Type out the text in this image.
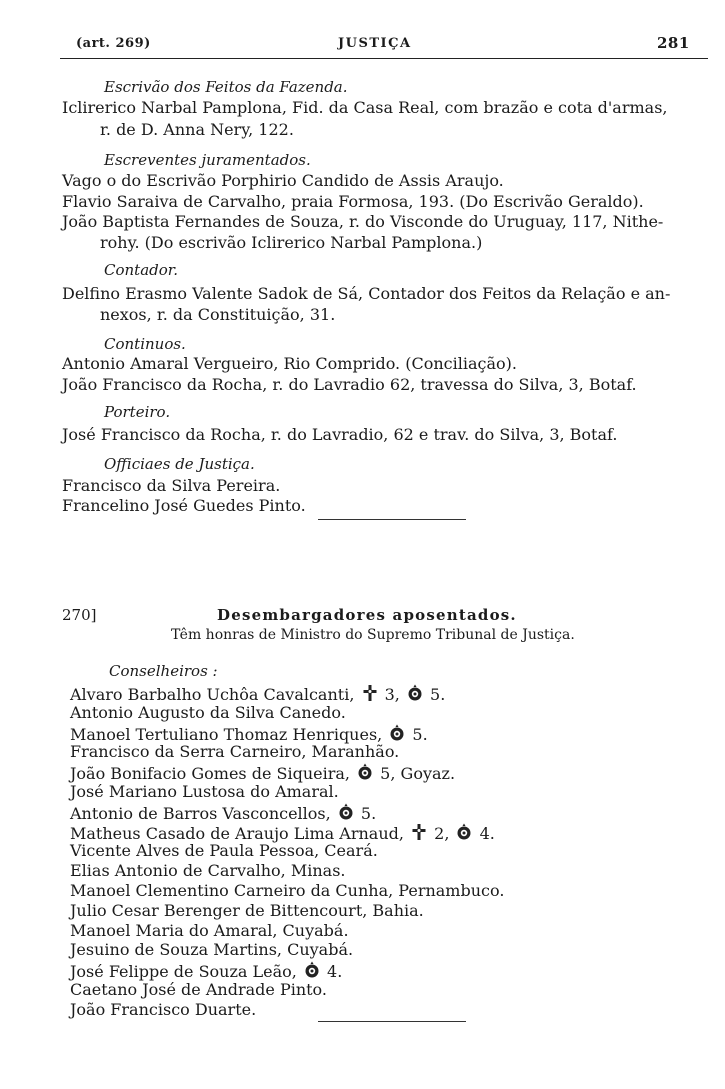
(art. 269)	JUSTIÇA	281
Escrivão dos Feitos da Fazenda.
Iclirerico Narbal Pamplona, Fid. da Casa Real, com brazão e cota d'armas,
r. de D. Anna Nery, 122.
Escreventes juramentados.
Vago o do Escrivão Porphirio Candido de Assis Araujo.
Flavio Saraiva de Carvalho, praia Formosa, 193. (Do Escrivão Geraldo).
João Baptista Fernandes de Souza, r. do Visconde do Uruguay, 117, Nithe-
rohy. (Do escrivão Iclirerico Narbal Pamplona.)
Contador.
Delfino Erasmo Valente Sadok de Sá, Contador dos Feitos da Relação e an-
nexos, r. da Constituição, 31.
Continuos.
Antonio Amaral Vergueiro, Rio Comprido. (Conciliação).
João Francisco da Rocha, r. do Lavradio 62, travessa do Silva, 3, Botaf.
Porteiro.
José Francisco da Rocha, r. do Lavradio, 62 e trav. do Silva, 3, Botaf.
Officiaes de Justiça.
Francisco da Silva Pereira.
Francelino José Guedes Pinto.
270]	Desembargadores aposentados.
Têm honras de Ministro do Supremo Tribunal de Justiça.
Conselheiros :
Alvaro Barbalho Uchôa Cavalcanti,  3,  5.
Antonio Augusto da Silva Canedo.
Manoel Tertuliano Thomaz Henriques,  5.
Francisco da Serra Carneiro, Maranhão.
João Bonifacio Gomes de Siqueira,  5, Goyaz.
José Mariano Lustosa do Amaral.
Antonio de Barros Vasconcellos,  5.
Matheus Casado de Araujo Lima Arnaud,  2,  4.
Vicente Alves de Paula Pessoa, Ceará.
Elias Antonio de Carvalho, Minas.
Manoel Clementino Carneiro da Cunha, Pernambuco.
Julio Cesar Berenger de Bittencourt, Bahia.
Manoel Maria do Amaral, Cuyabá.
Jesuino de Souza Martins, Cuyabá.
José Felippe de Souza Leão,  4.
Caetano José de Andrade Pinto.
João Francisco Duarte.
